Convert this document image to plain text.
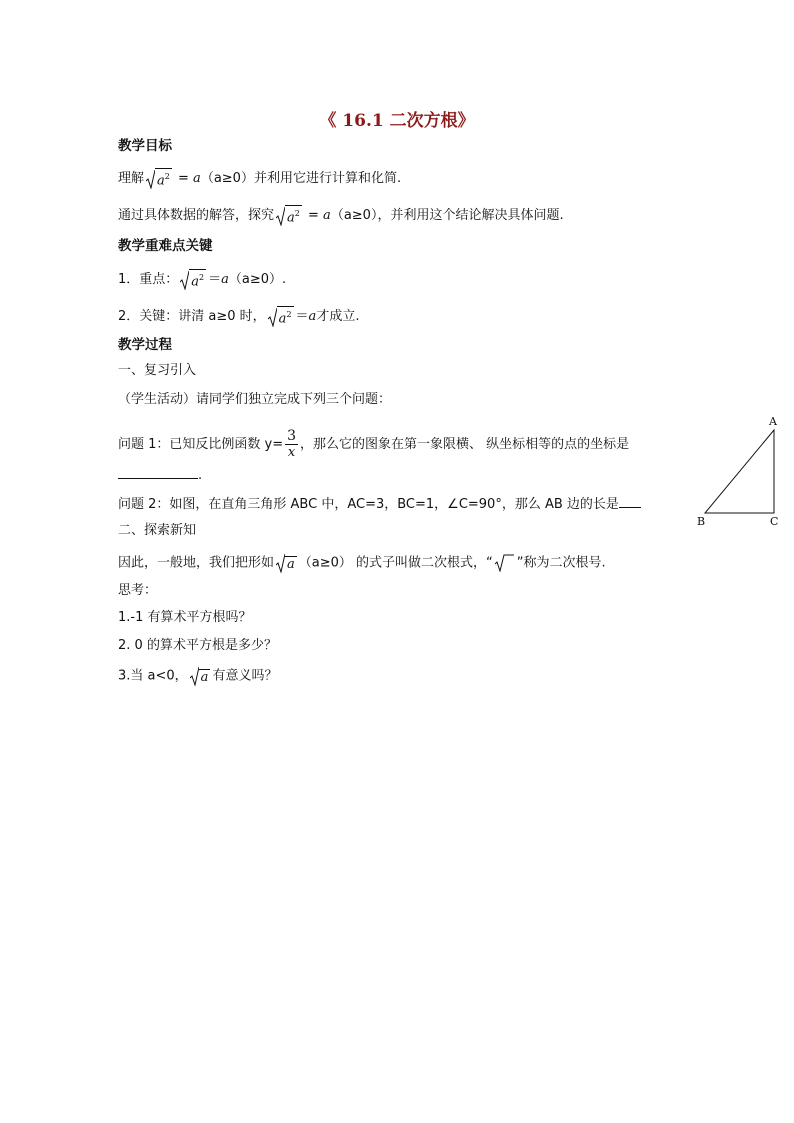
《 16.1 二次方根》
教学目标
理解 $a^2 = a(a\ge 0)$并利用它进行计算和化简.
通过具体数据的解答，探究 $a^2 = a(a\ge 0)$，并利用这个结论解决具体问题.
教学重难点关键
1．重点： $a^2 =a(a\ge 0)$.
2．关键：讲清 a≥0 时， $a^2 =a$才成立.
教学过程
一、复习引入
（学生活动）请同学们独立完成下列三个问题：
问题 1：已知反比例函数 $y= \frac{3}{x}$ ，那么它的图象在第一象限横、 纵坐标相等的点的坐标是
.
问题 2：如图，在直角三角形 ABC 中，AC=3，BC=1，∠C=90°，那么 AB 边的长是
二、探索新知
因此，一般地，我们把形如 a （a≥0） 的式子叫做二次根式，“ ”称为二次根号.
思考：
1.-1 有算术平方根吗？
2. 0 的算术平方根是多少？
3.当 a<0， a 有意义吗？
A
B	C
